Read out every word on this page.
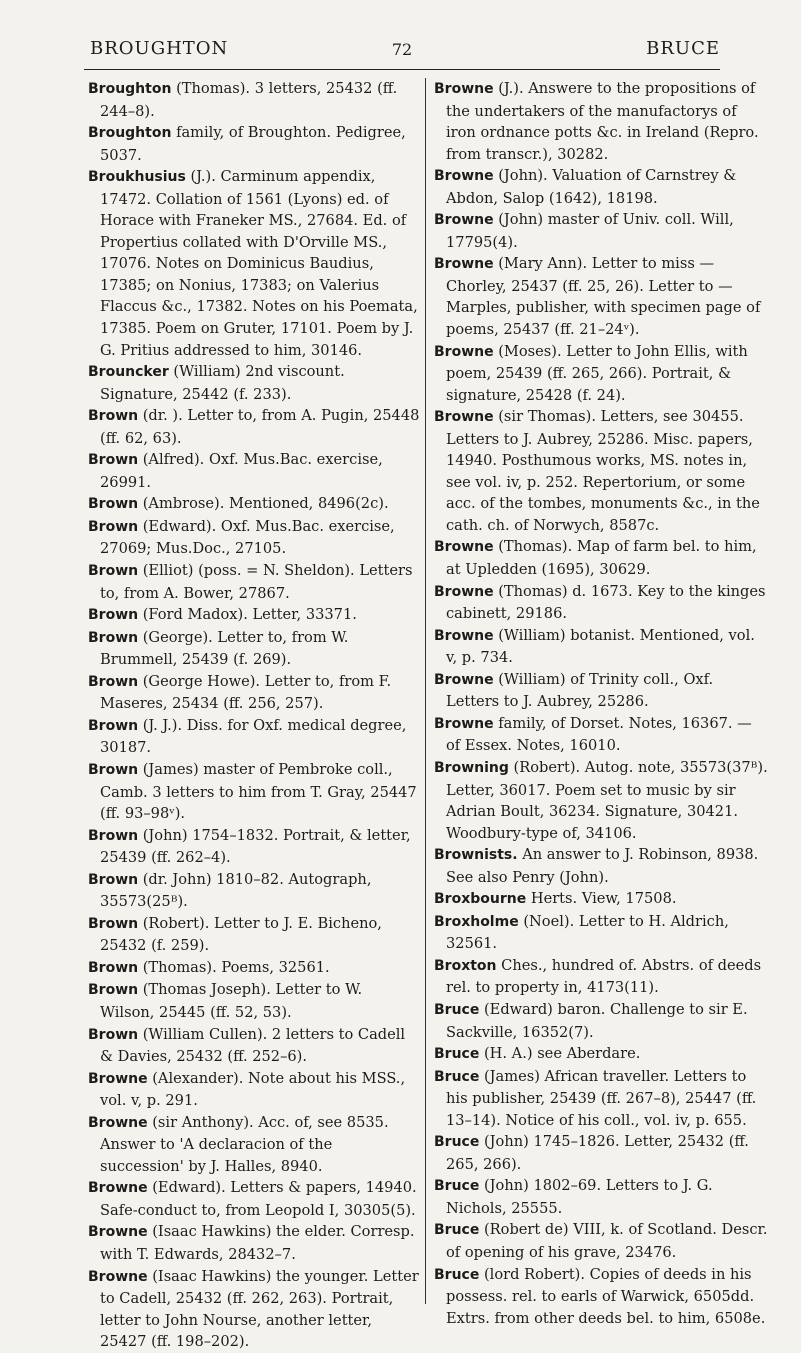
BROUGHTON	72	BRUCE

Broughton (Thomas). 3 letters, 25432 (ff. 244–8).

Broughton family, of Broughton. Pedigree, 5037.

Broukhusius (J.). Carminum appendix, 17472. Collation of 1561 (Lyons) ed. of Horace with Franeker MS., 27684. Ed. of Propertius collated with D'Orville MS., 17076. Notes on Dominicus Baudius, 17385; on Nonius, 17383; on Valerius Flaccus &c., 17382. Notes on his Poemata, 17385. Poem on Gruter, 17101. Poem by J. G. Pritius addressed to him, 30146.

Brouncker (William) 2nd viscount. Signature, 25442 (f. 233).

Brown (dr. ). Letter to, from A. Pugin, 25448 (ff. 62, 63).

Brown (Alfred). Oxf. Mus.Bac. exercise, 26991.

Brown (Ambrose). Mentioned, 8496(2c).

Brown (Edward). Oxf. Mus.Bac. exercise, 27069; Mus.Doc., 27105.

Brown (Elliot) (poss. = N. Sheldon). Letters to, from A. Bower, 27867.

Brown (Ford Madox). Letter, 33371.

Brown (George). Letter to, from W. Brummell, 25439 (f. 269).

Brown (George Howe). Letter to, from F. Maseres, 25434 (ff. 256, 257).

Brown (J. J.). Diss. for Oxf. medical degree, 30187.

Brown (James) master of Pembroke coll., Camb. 3 letters to him from T. Gray, 25447 (ff. 93–98ᵛ).

Brown (John) 1754–1832. Portrait, & letter, 25439 (ff. 262–4).

Brown (dr. John) 1810–82. Autograph, 35573(25ᴮ).

Brown (Robert). Letter to J. E. Bicheno, 25432 (f. 259).

Brown (Thomas). Poems, 32561.

Brown (Thomas Joseph). Letter to W. Wilson, 25445 (ff. 52, 53).

Brown (William Cullen). 2 letters to Cadell & Davies, 25432 (ff. 252–6).

Browne (Alexander). Note about his MSS., vol. v, p. 291.

Browne (sir Anthony). Acc. of, see 8535. Answer to 'A declaracion of the succession' by J. Halles, 8940.

Browne (Edward). Letters & papers, 14940. Safe-conduct to, from Leopold I, 30305(5).

Browne (Isaac Hawkins) the elder. Corresp. with T. Edwards, 28432–7.

Browne (Isaac Hawkins) the younger. Letter to Cadell, 25432 (ff. 262, 263). Portrait, letter to John Nourse, another letter, 25427 (ff. 198–202).

Browne (J.). Answere to the propositions of the undertakers of the manufactorys of iron ordnance potts &c. in Ireland (Repro. from transcr.), 30282.

Browne (John). Valuation of Carnstrey & Abdon, Salop (1642), 18198.

Browne (John) master of Univ. coll. Will, 17795(4).

Browne (Mary Ann). Letter to miss — Chorley, 25437 (ff. 25, 26). Letter to — Marples, publisher, with specimen page of poems, 25437 (ff. 21–24ᵛ).

Browne (Moses). Letter to John Ellis, with poem, 25439 (ff. 265, 266). Portrait, & signature, 25428 (f. 24).

Browne (sir Thomas). Letters, see 30455. Letters to J. Aubrey, 25286. Misc. papers, 14940. Posthumous works, MS. notes in, see vol. iv, p. 252. Repertorium, or some acc. of the tombes, monuments &c., in the cath. ch. of Norwych, 8587c.

Browne (Thomas). Map of farm bel. to him, at Upledden (1695), 30629.

Browne (Thomas) d. 1673. Key to the kinges cabinett, 29186.

Browne (William) botanist. Mentioned, vol. v, p. 734.

Browne (William) of Trinity coll., Oxf. Letters to J. Aubrey, 25286.

Browne family, of Dorset. Notes, 16367. — of Essex. Notes, 16010.

Browning (Robert). Autog. note, 35573(37ᴮ). Letter, 36017. Poem set to music by sir Adrian Boult, 36234. Signature, 30421. Woodbury-type of, 34106.

Brownists. An answer to J. Robinson, 8938. See also Penry (John).

Broxbourne Herts. View, 17508.

Broxholme (Noel). Letter to H. Aldrich, 32561.

Broxton Ches., hundred of. Abstrs. of deeds rel. to property in, 4173(11).

Bruce (Edward) baron. Challenge to sir E. Sackville, 16352(7).

Bruce (H. A.) see Aberdare.

Bruce (James) African traveller. Letters to his publisher, 25439 (ff. 267–8), 25447 (ff. 13–14). Notice of his coll., vol. iv, p. 655.

Bruce (John) 1745–1826. Letter, 25432 (ff. 265, 266).

Bruce (John) 1802–69. Letters to J. G. Nichols, 25555.

Bruce (Robert de) VIII, k. of Scotland. Descr. of opening of his grave, 23476.

Bruce (lord Robert). Copies of deeds in his possess. rel. to earls of Warwick, 6505dd. Extrs. from other deeds bel. to him, 6508e.
